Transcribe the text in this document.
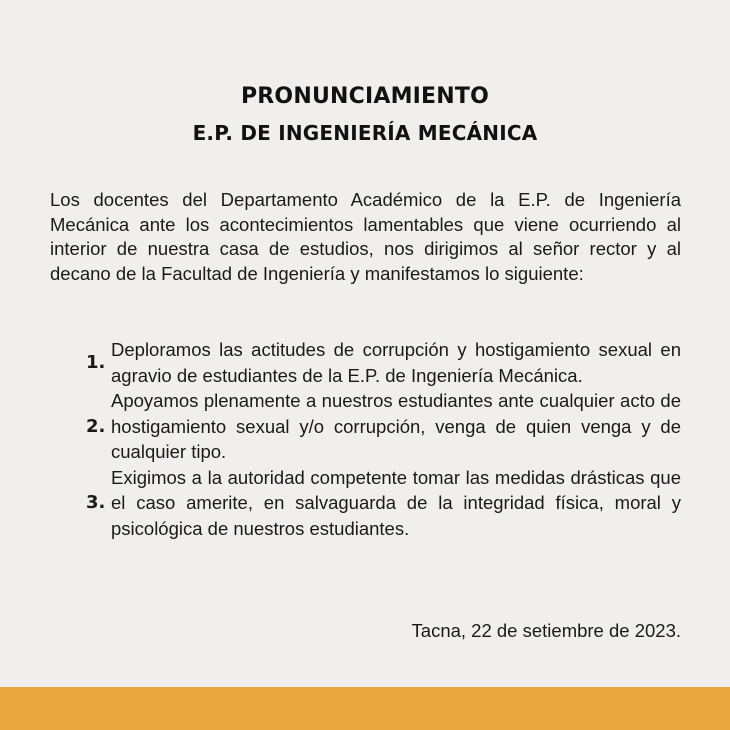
PRONUNCIAMIENTO
E.P. DE INGENIERÍA MECÁNICA

Los docentes del Departamento Académico de la E.P. de Ingeniería Mecánica ante los acontecimientos lamentables que viene ocurriendo al interior de nuestra casa de estudios, nos dirigimos al señor rector y al decano de la Facultad de Ingeniería y manifestamos lo siguiente:

1.
Deploramos las actitudes de corrupción y hostigamiento sexual en agravio de estudiantes de la E.P. de Ingeniería Mecánica.
2.
Apoyamos plenamente a nuestros estudiantes ante cualquier acto de hostigamiento sexual y/o corrupción, venga de quien venga y de cualquier tipo.
3.
Exigimos a la autoridad competente tomar las medidas drásticas que el caso amerite, en salvaguarda de la integridad física, moral y psicológica de nuestros estudiantes.

Tacna, 22 de setiembre de 2023.
